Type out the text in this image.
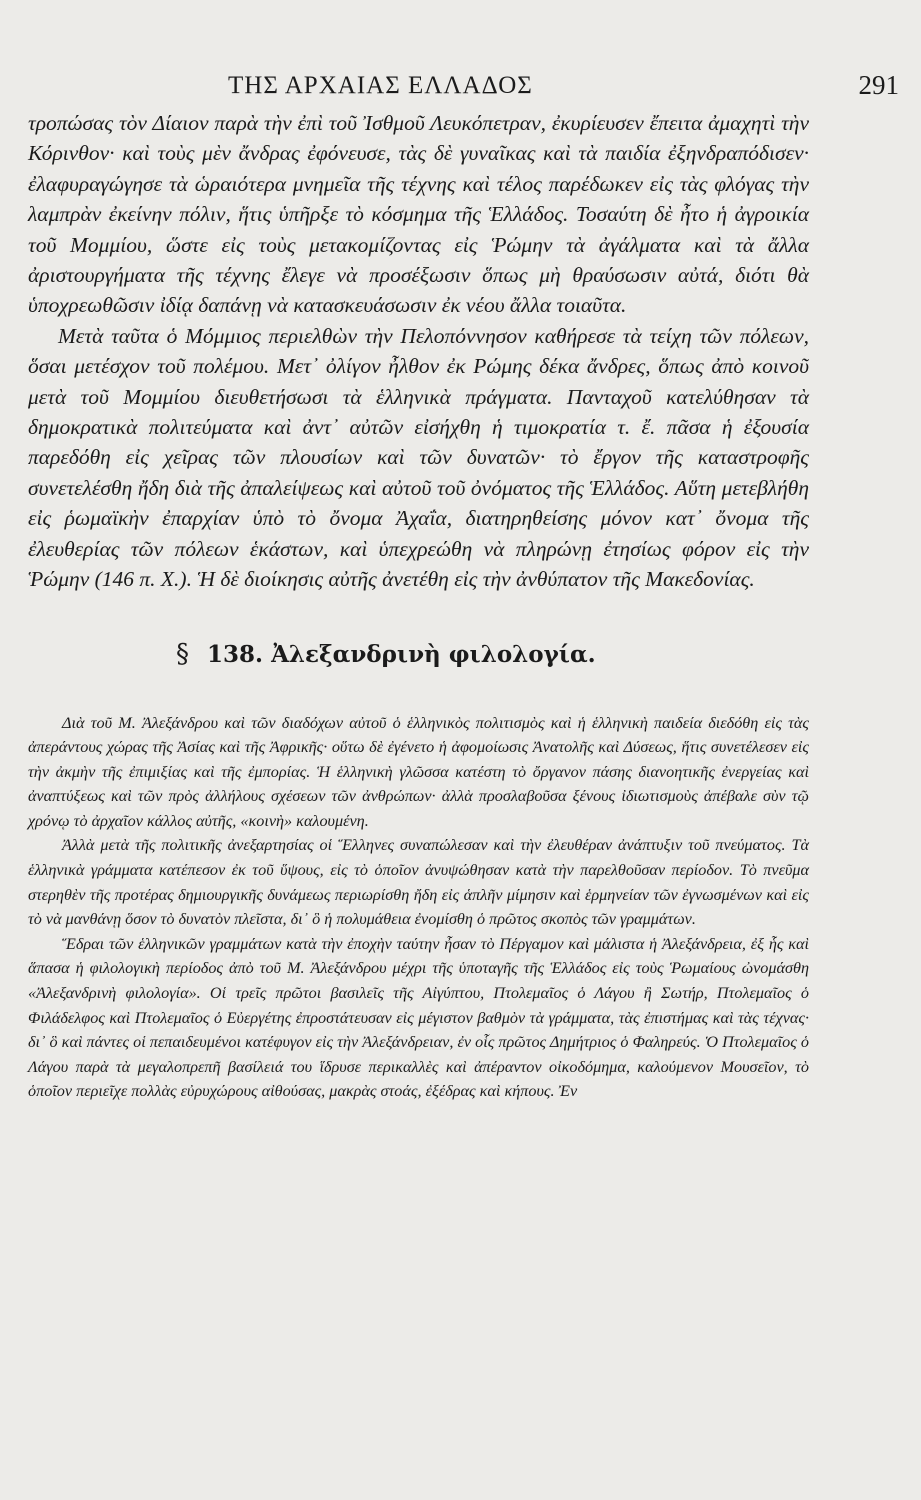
ΤΗΣ ΑΡΧΑΙΑΣ ΕΛΛΑΔΟΣ	291

τροπώσας τὸν Δίαιον παρὰ τὴν ἐπὶ τοῦ Ἰσθμοῦ Λευκόπετραν, ἐκυρίευσεν ἔπειτα ἀμαχητὶ τὴν Κόρινθον· καὶ τοὺς μὲν ἄνδρας ἐφόνευσε, τὰς δὲ γυναῖκας καὶ τὰ παιδία ἐξηνδραπόδισεν· ἐλαφυραγώγησε τὰ ὡραιότερα μνημεῖα τῆς τέχνης καὶ τέλος παρέδωκεν εἰς τὰς φλόγας τὴν λαμπρὰν ἐκείνην πόλιν, ἥτις ὑπῆρξε τὸ κόσμημα τῆς Ἑλλάδος. Τοσαύτη δὲ ἦτο ἡ ἀγροικία τοῦ Μομμίου, ὥστε εἰς τοὺς μετακομίζοντας εἰς Ῥώμην τὰ ἀγάλματα καὶ τὰ ἄλλα ἀριστουργήματα τῆς τέχνης ἔλεγε νὰ προσέξωσιν ὅπως μὴ θραύσωσιν αὐτά, διότι θὰ ὑποχρεωθῶσιν ἰδίᾳ δαπάνῃ νὰ κατασκευάσωσιν ἐκ νέου ἄλλα τοιαῦτα.

Μετὰ ταῦτα ὁ Μόμμιος περιελθὼν τὴν Πελοπόννησον καθήρεσε τὰ τείχη τῶν πόλεων, ὅσαι μετέσχον τοῦ πολέμου. Μετ᾽ ὀλίγον ἦλθον ἐκ Ρώμης δέκα ἄνδρες, ὅπως ἀπὸ κοινοῦ μετὰ τοῦ Μομμίου διευθετήσωσι τὰ ἑλληνικὰ πράγματα. Πανταχοῦ κατελύθησαν τὰ δημοκρατικὰ πολιτεύματα καὶ ἀντ᾽ αὐτῶν εἰσήχθη ἡ τιμοκρατία τ. ἔ. πᾶσα ἡ ἐξουσία παρεδόθη εἰς χεῖρας τῶν πλουσίων καὶ τῶν δυνατῶν· τὸ ἔργον τῆς καταστροφῆς συνετελέσθη ἤδη διὰ τῆς ἀπαλείψεως καὶ αὐτοῦ τοῦ ὀνόματος τῆς Ἑλλάδος. Αὕτη μετεβλήθη εἰς ῥωμαϊκὴν ἐπαρχίαν ὑπὸ τὸ ὄνομα Ἀχαΐα, διατηρηθείσης μόνον κατ᾽ ὄνομα τῆς ἐλευθερίας τῶν πόλεων ἑκάστων, καὶ ὑπεχρεώθη νὰ πληρώνῃ ἐτησίως φόρον εἰς τὴν Ῥώμην (146 π. Χ.). Ἡ δὲ διοίκησις αὐτῆς ἀνετέθη εἰς τὴν ἀνθύπατον τῆς Μακεδονίας.

§ 138. Ἀλεξανδρινὴ φιλολογία.

Διὰ τοῦ Μ. Ἀλεξάνδρου καὶ τῶν διαδόχων αὐτοῦ ὁ ἑλληνικὸς πολιτισμὸς καὶ ἡ ἑλληνικὴ παιδεία διεδόθη εἰς τὰς ἀπεράντους χώρας τῆς Ἀσίας καὶ τῆς Ἀφρικῆς· οὕτω δὲ ἐγένετο ἡ ἀφομοίωσις Ἀνατολῆς καὶ Δύσεως, ἥτις συνετέλεσεν εἰς τὴν ἀκμὴν τῆς ἐπιμιξίας καὶ τῆς ἐμπορίας. Ἡ ἑλληνικὴ γλῶσσα κατέστη τὸ ὄργανον πάσης διανοητικῆς ἐνεργείας καὶ ἀναπτύξεως καὶ τῶν πρὸς ἀλλήλους σχέσεων τῶν ἀνθρώπων· ἀλλὰ προσλαβοῦσα ξένους ἰδιωτισμοὺς ἀπέβαλε σὺν τῷ χρόνῳ τὸ ἀρχαῖον κάλλος αὐτῆς, «κοινὴ» καλουμένη.

Ἀλλὰ μετὰ τῆς πολιτικῆς ἀνεξαρτησίας οἱ Ἕλληνες συναπώλεσαν καὶ τὴν ἐλευθέραν ἀνάπτυξιν τοῦ πνεύματος. Τὰ ἑλληνικὰ γράμματα κατέπεσον ἐκ τοῦ ὕψους, εἰς τὸ ὁποῖον ἀνυψώθησαν κατὰ τὴν παρελθοῦσαν περίοδον. Τὸ πνεῦμα στερηθὲν τῆς προτέρας δημιουργικῆς δυνάμεως περιωρίσθη ἤδη εἰς ἁπλῆν μίμησιν καὶ ἑρμηνείαν τῶν ἐγνωσμένων καὶ εἰς τὸ νὰ μανθάνῃ ὅσον τὸ δυνατὸν πλεῖστα, δι᾽ ὃ ἡ πολυμάθεια ἐνομίσθη ὁ πρῶτος σκοπὸς τῶν γραμμάτων.

Ἕδραι τῶν ἑλληνικῶν γραμμάτων κατὰ τὴν ἐποχὴν ταύτην ἦσαν τὸ Πέργαμον καὶ μάλιστα ἡ Ἀλεξάνδρεια, ἐξ ἧς καὶ ἅπασα ἡ φιλολογικὴ περίοδος ἀπὸ τοῦ Μ. Ἀλεξάνδρου μέχρι τῆς ὑποταγῆς τῆς Ἑλλάδος εἰς τοὺς Ῥωμαίους ὠνομάσθη «Ἀλεξανδρινὴ φιλολογία». Οἱ τρεῖς πρῶτοι βασιλεῖς τῆς Αἰγύπτου, Πτολεμαῖος ὁ Λάγου ἢ Σωτήρ, Πτολεμαῖος ὁ Φιλάδελφος καὶ Πτολεμαῖος ὁ Εὐεργέτης ἐπροστάτευσαν εἰς μέγιστον βαθμὸν τὰ γράμματα, τὰς ἐπιστήμας καὶ τὰς τέχνας· δι᾽ ὃ καὶ πάντες οἱ πεπαιδευμένοι κατέφυγον εἰς τὴν Ἀλεξάνδρειαν, ἐν οἷς πρῶτος Δημήτριος ὁ Φαληρεύς. Ὁ Πτολεμαῖος ὁ Λάγου παρὰ τὰ μεγαλοπρεπῆ βασίλειά του ἵδρυσε περικαλλὲς καὶ ἀπέραντον οἰκοδόμημα, καλούμενον Μουσεῖον, τὸ ὁποῖον περιεῖχε πολλὰς εὐρυχώρους αἰθούσας, μακρὰς στοάς, ἐξέδρας καὶ κήπους. Ἐν
